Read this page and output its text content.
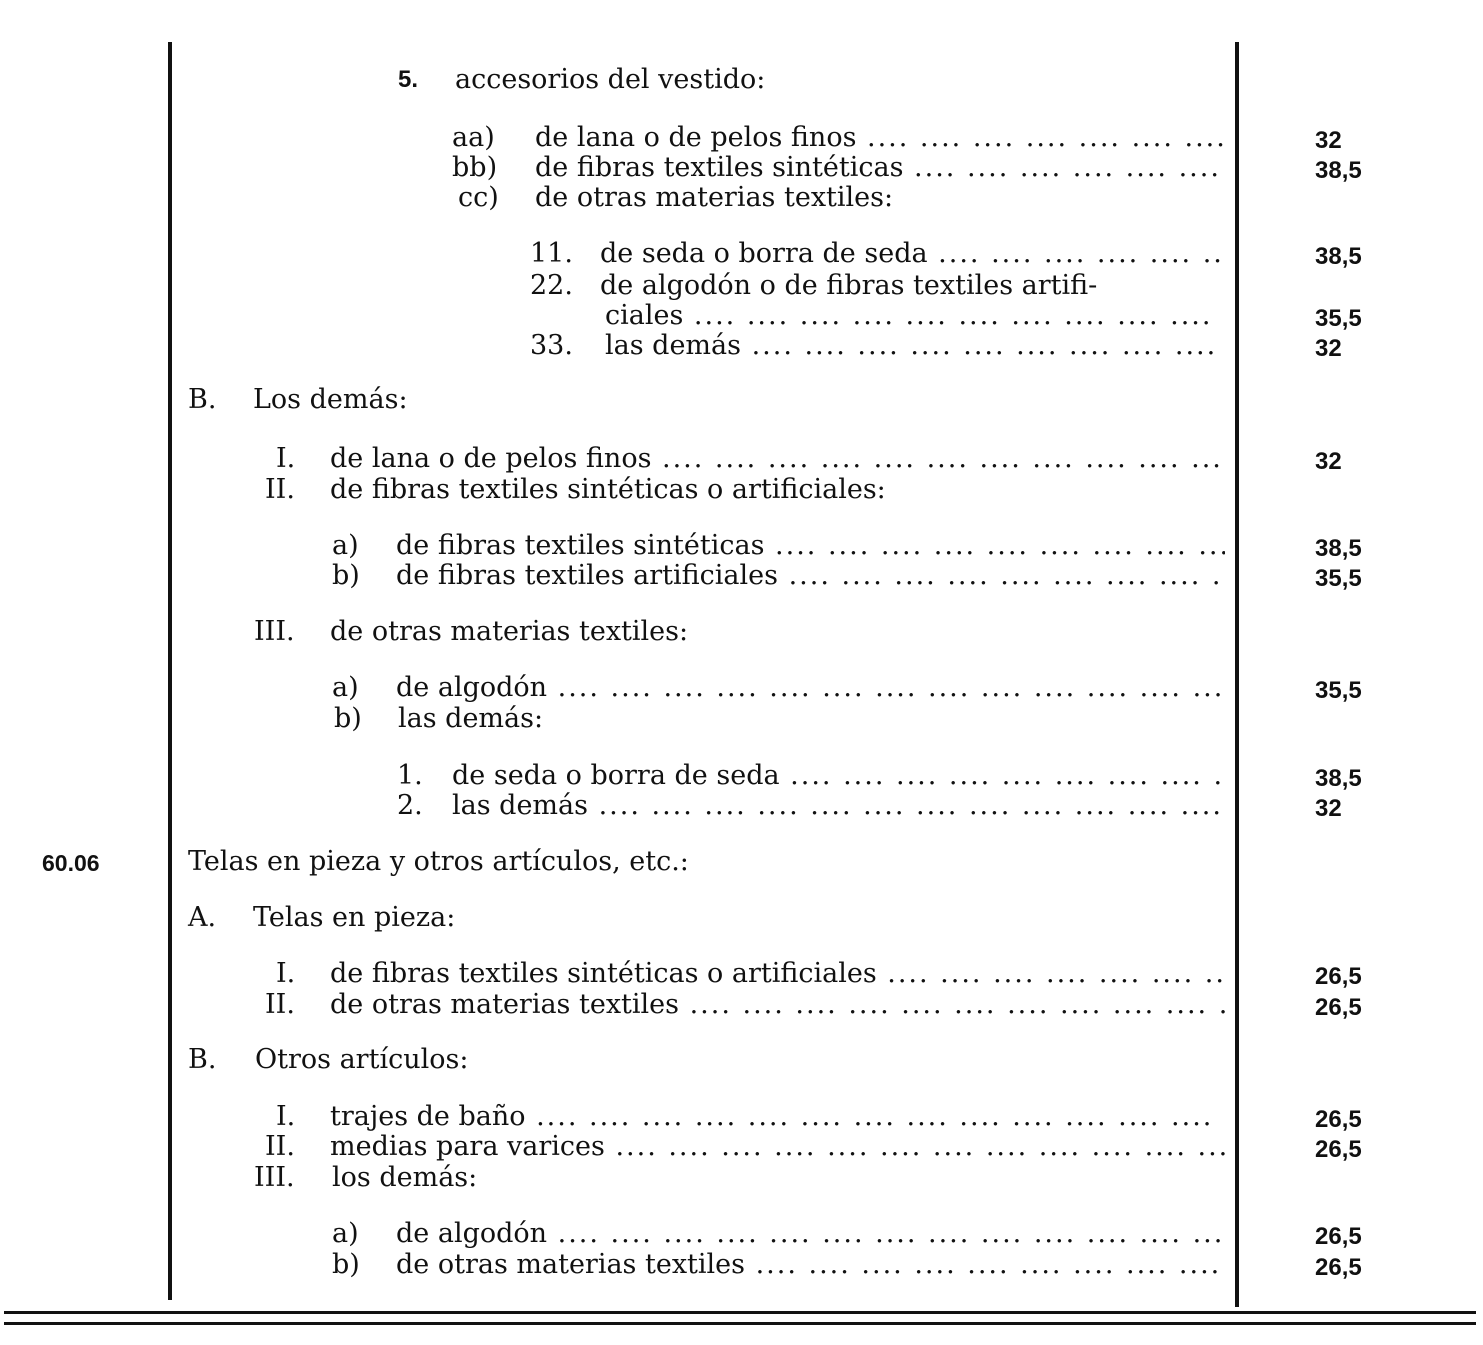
5. accesorios del vestido:
aa) de lana o de pelos finos ....	32
bb) de fibras textiles sintéticas ....	38,5
cc) de otras materias textiles:
11. de seda o borra de seda ....	38,5
22. de algodón o de fibras textiles artifi-
ciales ....	35,5
33. las demás ....	32
B. Los demás:
I. de lana o de pelos finos ....	32
II. de fibras textiles sintéticas o artificiales:
a) de fibras textiles sintéticas ....	38,5
b) de fibras textiles artificiales ....	35,5
III. de otras materias textiles:
a) de algodón ....	35,5
b) las demás:
1. de seda o borra de seda ....	38,5
2. las demás ....	32
60.06	Telas en pieza y otros artículos, etc.:
A. Telas en pieza:
I. de fibras textiles sintéticas o artificiales ....	26,5
II. de otras materias textiles ....	26,5
B. Otros artículos:
I. trajes de baño ....	26,5
II. medias para varices ....	26,5
III. los demás:
a) de algodón ....	26,5
b) de otras materias textiles ....	26,5
